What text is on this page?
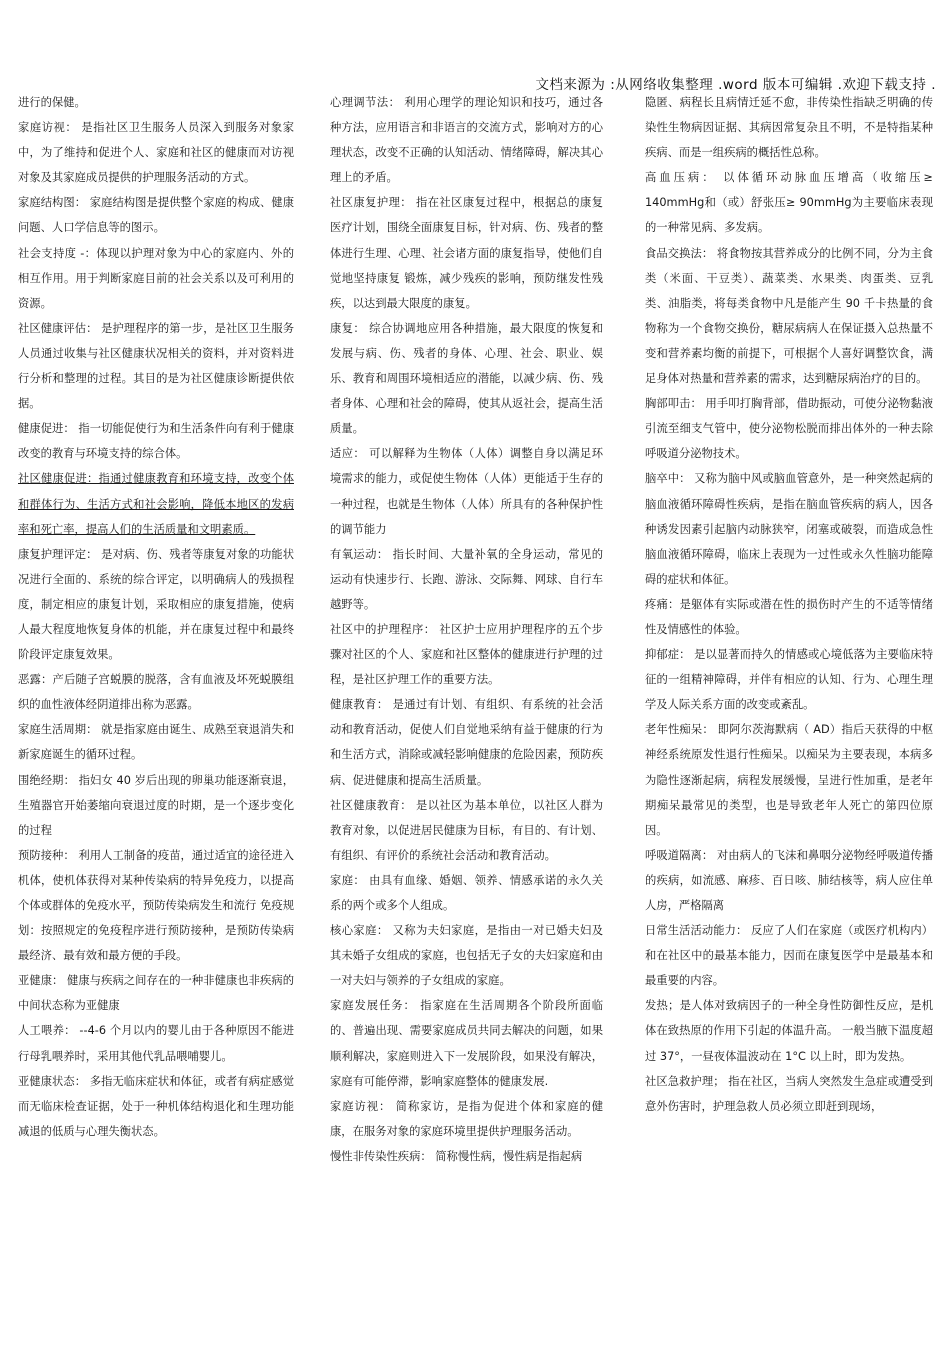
文档来源为 :从网络收集整理 .word 版本可编辑 .欢迎下载支持 .

进行的保健。

家庭访视： 是指社区卫生服务人员深入到服务对象家中，为了维持和促进个人、家庭和社区的健康而对访视对象及其家庭成员提供的护理服务活动的方式。

家庭结构图： 家庭结构图是提供整个家庭的构成、健康问题、人口学信息等的图示。

社会支持度 -：体现以护理对象为中心的家庭内、外的相互作用。用于判断家庭目前的社会关系以及可利用的资源。

社区健康评估： 是护理程序的第一步，是社区卫生服务人员通过收集与社区健康状况相关的资料，并对资料进行分析和整理的过程。其目的是为社区健康诊断提供依据。

健康促进： 指一切能促使行为和生活条件向有利于健康改变的教育与环境支持的综合体。

社区健康促进：指通过健康教育和环境支持，改变个体和群体行为、生活方式和社会影响，降低本地区的发病率和死亡率，提高人们的生活质量和文明素质。

康复护理评定： 是对病、伤、残者等康复对象的功能状况进行全面的、系统的综合评定，以明确病人的残损程度，制定相应的康复计划，采取相应的康复措施，使病人最大程度地恢复身体的机能，并在康复过程中和最终阶段评定康复效果。

恶露：产后随子宫蜕膜的脱落，含有血液及坏死蜕膜组织的血性液体经阴道排出称为恶露。

家庭生活周期： 就是指家庭由诞生、成熟至衰退消失和新家庭诞生的循环过程。

围绝经期： 指妇女 40 岁后出现的卵巢功能逐渐衰退，生殖器官开始萎缩向衰退过度的时期，是一个逐步变化的过程

预防接种： 利用人工制备的疫苗，通过适宜的途径进入机体，使机体获得对某种传染病的特异免疫力，以提高个体或群体的免疫水平，预防传染病发生和流行 免疫规划：按照规定的免疫程序进行预防接种，是预防传染病最经济、最有效和最方便的手段。

亚健康： 健康与疾病之间存在的一种非健康也非疾病的中间状态称为亚健康

人工喂养： --4-6 个月以内的婴儿由于各种原因不能进行母乳喂养时，采用其他代乳品喂哺婴儿。

亚健康状态： 多指无临床症状和体征，或者有病症感觉而无临床检查证据，处于一种机体结构退化和生理功能减退的低质与心理失衡状态。

心理调节法： 利用心理学的理论知识和技巧，通过各种方法，应用语言和非语言的交流方式，影响对方的心理状态，改变不正确的认知活动、情绪障碍，解决其心理上的矛盾。

社区康复护理： 指在社区康复过程中，根据总的康复医疗计划，围绕全面康复目标，针对病、伤、残者的整体进行生理、心理、社会诸方面的康复指导，使他们自觉地坚持康复 锻炼，减少残疾的影响，预防继发性残疾，以达到最大限度的康复。

康复： 综合协调地应用各种措施，最大限度的恢复和发展与病、伤、残者的身体、心理、社会、职业、娱乐、教育和周围环境相适应的潜能，以减少病、伤、残者身体、心理和社会的障碍，使其从返社会，提高生活质量。

适应： 可以解释为生物体（人体）调整自身以满足环境需求的能力，或促使生物体（人体）更能适于生存的一种过程，也就是生物体（人体）所具有的各种保护性的调节能力

有氧运动： 指长时间、大量补氧的全身运动，常见的运动有快速步行、长跑、游泳、交际舞、网球、自行车越野等。

社区中的护理程序： 社区护士应用护理程序的五个步骤对社区的个人、家庭和社区整体的健康进行护理的过程，是社区护理工作的重要方法。

健康教育： 是通过有计划、有组织、有系统的社会活动和教育活动，促使人们自觉地采纳有益于健康的行为和生活方式，消除或减轻影响健康的危险因素，预防疾病、促进健康和提高生活质量。

社区健康教育： 是以社区为基本单位，以社区人群为教育对象，以促进居民健康为目标，有目的、有计划、有组织、有评价的系统社会活动和教育活动。

家庭： 由具有血缘、婚姻、领养、情感承诺的永久关系的两个或多个人组成。

核心家庭： 又称为夫妇家庭，是指由一对已婚夫妇及其未婚子女组成的家庭，也包括无子女的夫妇家庭和由一对夫妇与领养的子女组成的家庭。

家庭发展任务： 指家庭在生活周期各个阶段所面临的、普遍出现、需要家庭成员共同去解决的问题，如果顺利解决，家庭则进入下一发展阶段，如果没有解决，家庭有可能停滞，影响家庭整体的健康发展.

家庭访视： 简称家访，是指为促进个体和家庭的健康，在服务对象的家庭环境里提供护理服务活动。

慢性非传染性疾病： 简称慢性病，慢性病是指起病

隐匿、病程长且病情迁延不愈，非传染性指缺乏明确的传染性生物病因证据、其病因常复杂且不明，不是特指某种疾病、而是一组疾病的概括性总称。

高血压病： 以体循环动脉血压增高（收缩压≥ 140mmHg和（或）舒张压≥ 90mmHg为主要临床表现的一种常见病、多发病。

食品交换法： 将食物按其营养成分的比例不同，分为主食类（米面、干豆类）、蔬菜类、水果类、肉蛋类、豆乳类、油脂类，将每类食物中凡是能产生 90 千卡热量的食物称为一个食物交换份，糖尿病病人在保证摄入总热量不变和营养素均衡的前提下，可根据个人喜好调整饮食，满足身体对热量和营养素的需求，达到糖尿病治疗的目的。

胸部叩击： 用手叩打胸背部，借助振动，可使分泌物黏液引流至细支气管中，使分泌物松脱而排出体外的一种去除呼吸道分泌物技术。

脑卒中： 又称为脑中风或脑血管意外，是一种突然起病的脑血液循环障碍性疾病，是指在脑血管疾病的病人，因各种诱发因素引起脑内动脉狭窄，闭塞或破裂，而造成急性脑血液循环障碍，临床上表现为一过性或永久性脑功能障碍的症状和体征。

疼痛：是躯体有实际或潜在性的损伤时产生的不适等情绪性及情感性的体验。

抑郁症： 是以显著而持久的情感或心境低落为主要临床特征的一组精神障碍，并伴有相应的认知、行为、心理生理学及人际关系方面的改变或紊乱。

老年性痴呆： 即阿尔茨海默病（ AD）指后天获得的中枢神经系统原发性退行性痴呆。以痴呆为主要表现，本病多为隐性逐渐起病，病程发展缓慢，呈进行性加重，是老年期痴呆最常见的类型，也是导致老年人死亡的第四位原因。

呼吸道隔离： 对由病人的飞沫和鼻咽分泌物经呼吸道传播的疾病，如流感、麻疹、百日咳、肺结核等，病人应住单人房，严格隔离

日常生活活动能力： 反应了人们在家庭（或医疗机构内）和在社区中的最基本能力，因而在康复医学中是最基本和最重要的内容。

发热；是人体对致病因子的一种全身性防御性反应，是机体在致热原的作用下引起的体温升高。 一般当腋下温度超过 37°，一昼夜体温波动在 1°C 以上时，即为发热。

社区急救护理； 指在社区，当病人突然发生急症或遭受到意外伤害时，护理急救人员必须立即赶到现场，
